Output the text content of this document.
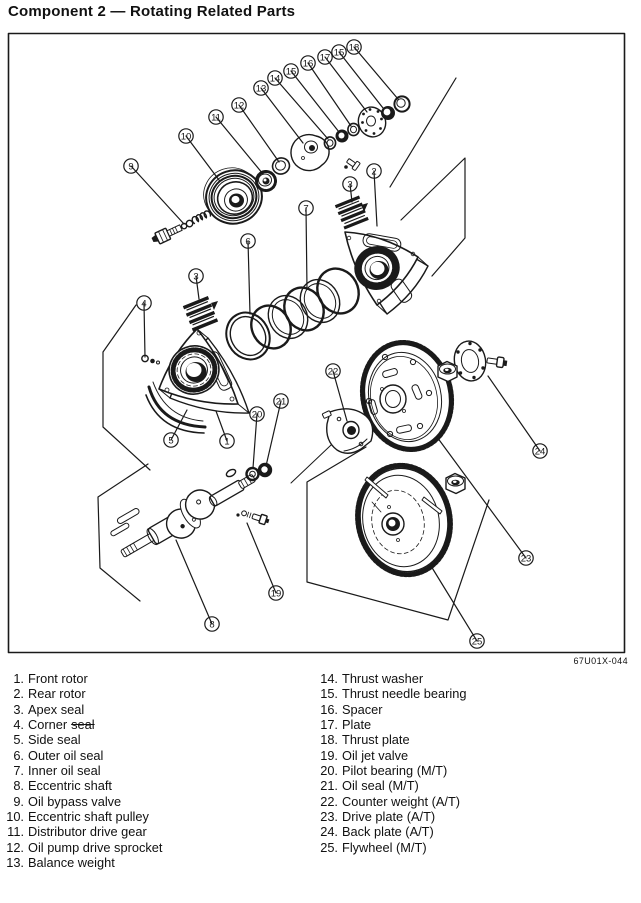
Component 2 — Rotating Related Parts
1
2
3
3
4
5
6
7
8
9
10
11
12
13
14
15
16
17 15 18
19
20
21
22
23
24
25
67U01X-044
1. Front rotor
2. Rear rotor
3. Apex seal
4. Corner seal
5. Side seal
6. Outer oil seal
7. Inner oil seal
8. Eccentric shaft
9. Oil bypass valve
10. Eccentric shaft pulley
11. Distributor drive gear
12. Oil pump drive sprocket
13. Balance weight
14. Thrust washer
15. Thrust needle bearing
16. Spacer
17. Plate
18. Thrust plate
19. Oil jet valve
20. Pilot bearing (M/T)
21. Oil seal (M/T)
22. Counter weight (A/T)
23. Drive plate (A/T)
24. Back plate (A/T)
25. Flywheel (M/T)
